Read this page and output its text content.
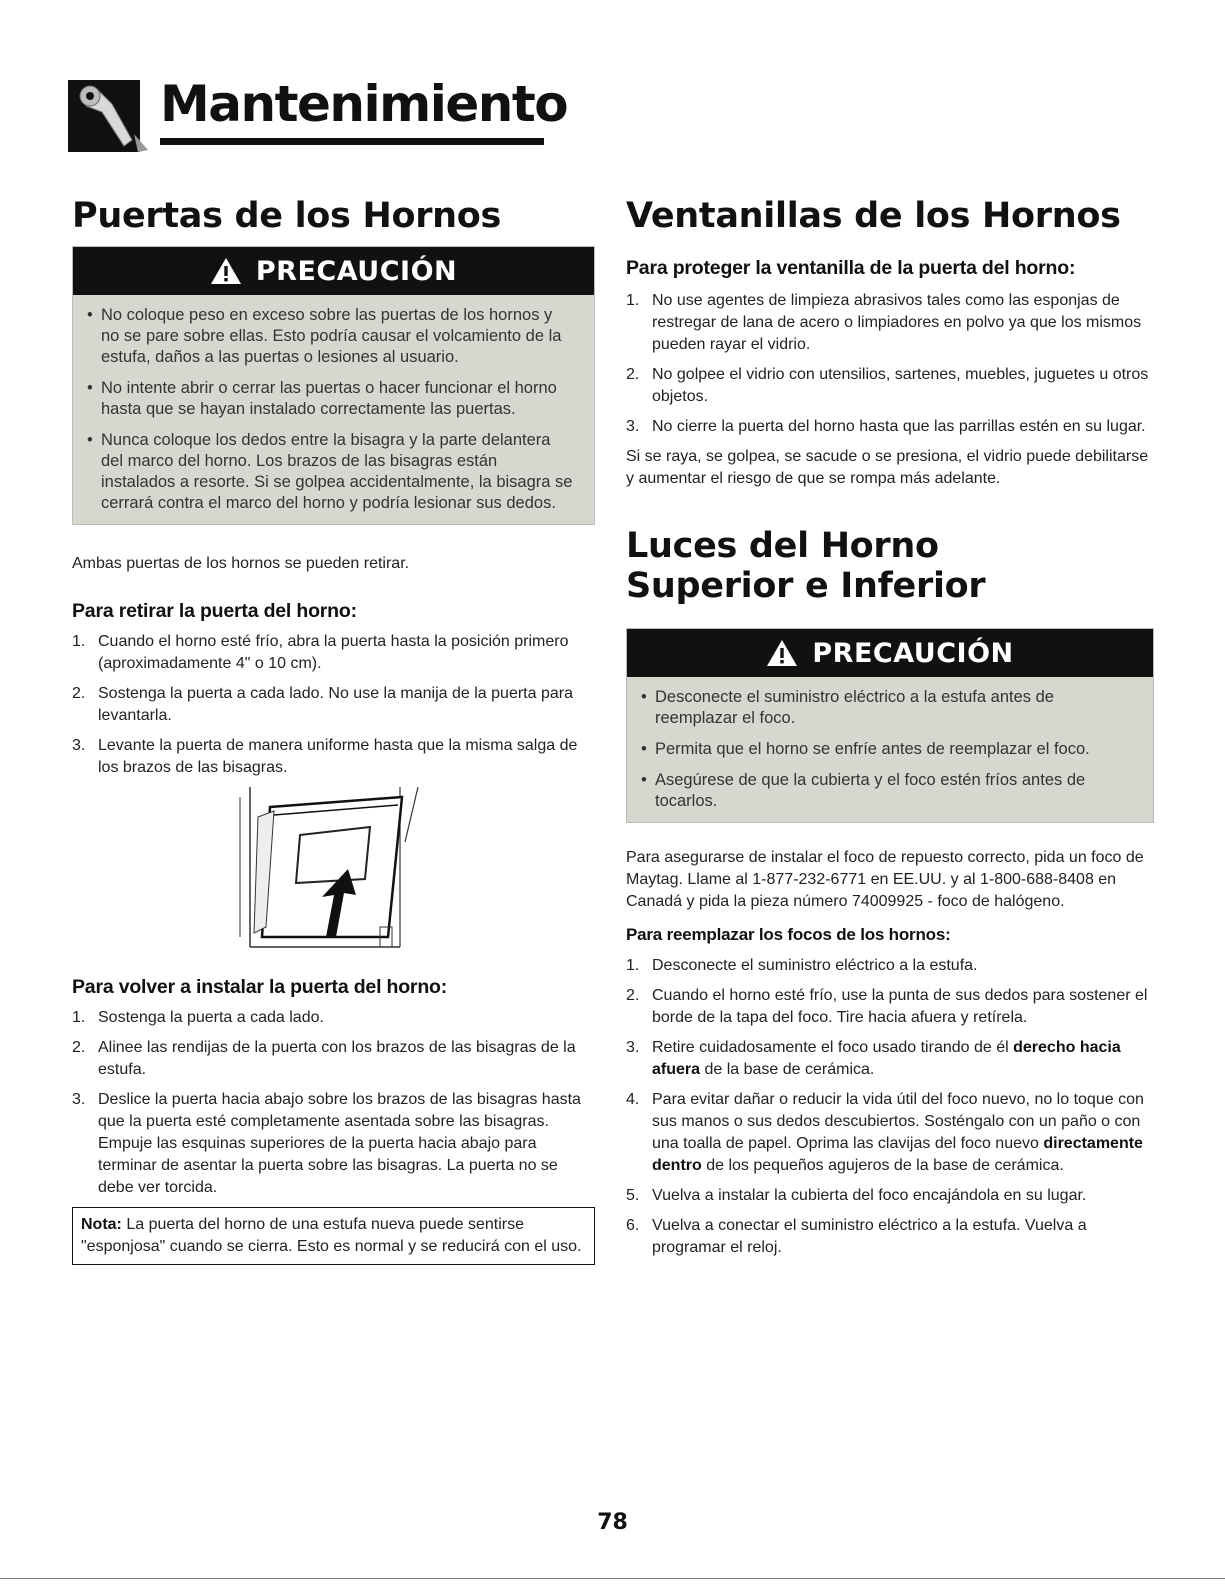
Mantenimiento
Puertas de los Hornos
PRECAUCIÓN
• No coloque peso en exceso sobre las puertas de los hornos y no se pare sobre ellas. Esto podría causar el volcamiento de la estufa, daños a las puertas o lesiones al usuario.
• No intente abrir o cerrar las puertas o hacer funcionar el horno hasta que se hayan instalado correctamente las puertas.
• Nunca coloque los dedos entre la bisagra y la parte delantera del marco del horno. Los brazos de las bisagras están instalados a resorte. Si se golpea accidentalmente, la bisagra se cerrará contra el marco del horno y podría lesionar sus dedos.

Ambas puertas de los hornos se pueden retirar.

Para retirar la puerta del horno:
1. Cuando el horno esté frío, abra la puerta hasta la posición primero (aproximadamente 4" o 10 cm).
2. Sostenga la puerta a cada lado. No use la manija de la puerta para levantarla.
3. Levante la puerta de manera uniforme hasta que la misma salga de los brazos de las bisagras.
Para volver a instalar la puerta del horno:
1. Sostenga la puerta a cada lado.
2. Alinee las rendijas de la puerta con los brazos de las bisagras de la estufa.
3. Deslice la puerta hacia abajo sobre los brazos de las bisagras hasta que la puerta esté completamente asentada sobre las bisagras. Empuje las esquinas superiores de la puerta hacia abajo para terminar de asentar la puerta sobre las bisagras. La puerta no se debe ver torcida.
Nota: La puerta del horno de una estufa nueva puede sentirse "esponjosa" cuando se cierra. Esto es normal y se reducirá con el uso.
Ventanillas de los Hornos
Para proteger la ventanilla de la puerta del horno:
1. No use agentes de limpieza abrasivos tales como las esponjas de restregar de lana de acero o limpiadores en polvo ya que los mismos pueden rayar el vidrio.
2. No golpee el vidrio con utensilios, sartenes, muebles, juguetes u otros objetos.
3. No cierre la puerta del horno hasta que las parrillas estén en su lugar.

Si se raya, se golpea, se sacude o se presiona, el vidrio puede debilitarse y aumentar el riesgo de que se rompa más adelante.

Luces del Horno Superior e Inferior
PRECAUCIÓN
• Desconecte el suministro eléctrico a la estufa antes de reemplazar el foco.
• Permita que el horno se enfríe antes de reemplazar el foco.
• Asegúrese de que la cubierta y el foco estén fríos antes de tocarlos.

Para asegurarse de instalar el foco de repuesto correcto, pida un foco de Maytag. Llame al 1-877-232-6771 en EE.UU. y al 1-800-688-8408 en Canadá y pida la pieza número 74009925 - foco de halógeno.

Para reemplazar los focos de los hornos:
1. Desconecte el suministro eléctrico a la estufa.
2. Cuando el horno esté frío, use la punta de sus dedos para sostener el borde de la tapa del foco. Tire hacia afuera y retírela.
3. Retire cuidadosamente el foco usado tirando de él derecho hacia afuera de la base de cerámica.
4. Para evitar dañar o reducir la vida útil del foco nuevo, no lo toque con sus manos o sus dedos descubiertos. Sosténgalo con un paño o con una toalla de papel. Oprima las clavijas del foco nuevo directamente dentro de los pequeños agujeros de la base de cerámica.
5. Vuelva a instalar la cubierta del foco encajándola en su lugar.
6. Vuelva a conectar el suministro eléctrico a la estufa. Vuelva a programar el reloj.
78
